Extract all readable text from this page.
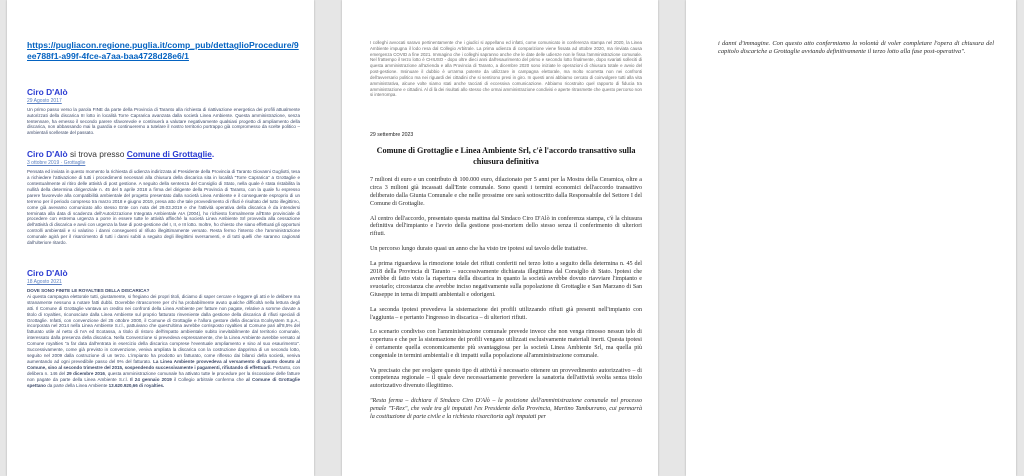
https://pugliacon.regione.puglia.it/comp_pub/dettaglioProcedure/9ee788f1-a99f-4fce-a7aa-baa4728d28e6/1
Ciro D'Alò
29 Agosto 2017

Un primo passo verso la parola FINE da parte della Provincia di Taranto alla richiesta di riattivazione energetica dei profili attualmente autorizzati della discarica III lotto in località Torre Caprarica avanzata dalla società Linea Ambiente. Questa amministrazione, senza tentennare, ha emesso il secondo parere sfavorevole e continuerà a valutare negativamente qualsiasi progetto di ampliamento della discarica, non abbassando mai la guardia e continueremo a tutelare il nostro territorio portrappo già compromesso da scelte politico – ambientali scellerate del passato.

Ciro D'Alò si trova presso Comune di Grottaglie.
3 ottobre 2019 · Grottaglie

Pensata ed inviata in questo momento la richiesta di udienza indirizzata al Presidente della Provincia di Taranto Giovanni Gugliotti, tesa a richiedere l'attivazione di tutti i procedimenti necessari alla chiusura della discarica sita in località "Torre Caprarica" a Grottaglie e contestualmente al ritiro delle attività di post gestione. A seguito della sentenza del Consiglio di Stato, nella quale è stata ristabilita la nullità della determina dirigenziale n. 45 del 5 aprile 2018 a firma del dirigente della Provincia di Taranto, con la quale fu espresso parere favorevole alla compatibilità ambientale del progetto presentato dalla società Linea Ambiente e il conseguente esproprio di un terreno per il periodo compreso tra marzo 2018 e giugno 2019, presa atto che tale provvedimento di rifiuti è risultato del tutto illegittimo, come già avevamo comunicato allo stesso Ente con nota del 29.03.2019 e che l'attività operativa della discarica è da intendersi terminata alla data di scadenza dell'Autorizzazione Integrata Ambientale AIA (2004), ho richiesto formalmente all'Ente provinciale di procedere con estrema urgenza a porre in essere tutte le attività affinché la società Linea Ambiente Srl provveda alla cessazione dell'attività di discarica e avvii con urgenza la fase di post-gestione del I, II, e III lotto. Inoltre, ho chiesto che siano effettuati gli opportuni controlli ambientali e si valutino i danni conseguenti al rifiuto illegittimamente versato. Resta fermo l'intento che l'amministrazione comunale agirà per il risarcimento di tutti i danni subiti a seguito degli illegittimi sversamenti, e di tutti quelli che saranno cagionati dall'ulteriore ritardo.

Ciro D'Alò
18 Agosto 2021

DOVE SONO FINITE LE ROYALTIES DELLA DISCARICA?

Ai questa campagna elettorale tutti, giustamente, si fregiano dei propri titoli, diciamo di saper cercare e leggere gli atti e le delibere ma stranamente nessuno a notare fatti dubbi. Dovrebbe ritrascorrere per chi ha probabilmente avuto qualche difficoltà nella lettura degli atti. Il Comune di Grottaglie vantava un credito nei confronti della Linea Ambiente per fatture non pagate, relative a somme dovute a titolo di royalties, riconosciute dalla Linea Ambiente sul proprio fatturato rinveniente dalla gestione della discarica di rifiuti speciali di Grottaglie. Infatti, con convenzione del 25 ottobre 2000, il Comune di Grottaglie e l'allora gestore della discarica Ecolsystem S.p.A., incorporata nel 2014 nella Linea Ambiente S.r.l., pattuivano che quest'ultima avrebbe corrisposto royalties al Comune pari all'8,5% del fatturato utile al netto di IVA ed Ecotassa, a titolo di ristoro dell'impatto ambientale subito inevitabilmente dal territorio comunale, interessato dalla presenza della discarica. Nella Convenzione si prevedeva espressamente, che la Linea Ambiente avrebbe versato al Comune royalties "a far data dall'entrata in esercizio della discarica comprese l'eventuale ampliamento e sino al suo esaurimento". Successivamente, come già previsto in convenzione, veniva ampliata la discarica con la costruzione dapprima di un secondo lotto, seguito nel 2009 dalla costruzione di un terzo. L'impianto ha prodotto un fatturato, come riflesso dai bilanci della società, veniva aumentando ad ogni prevedibile passo del 9% del fatturato. La Linea Ambiente provvedeva al versamento di quanto dovuto al Comune, sino al secondo trimestre del 2015, sospendendo successivamente i pagamenti, rifiutando di effettuarli. Pertanto, con delibera n. 146 del 29 dicembre 2016, questa amministrazione comunale ha attivato tutte le procedure per la riscossione delle fatture non pagate da parte della Linea Ambiente S.r.l. Il 24 gennaio 2019 il Collegio arbitrale conferma che al Comune di Grottaglie spettano da parte della Linea Ambiente 13.620.920,66 di royalties.

I colleghi avvocati saravo pertinentamente che i giudici si appellano ed infatti, come comunicato in conferenza stampa nel 2020, la Linea Ambiente impugna il lodo resa dal Collegio Arbitrale. La prima udienza di comparizione viene fissata ad ottobre 2020, ma rinviata causa emergenza COVID a fine 2021. Immagino che i colleghi sapranno anche che le date delle udienze non le fissa l'amministrazione comunale. Nel frattempo il terzo lotto è CHIUSO - dopo oltre dieci anni dall'esaurimento del primo e secondo lotto finalmente, dopo svariati solleciti di questa amministrazione all'azienda e alla Provincia di Taranto, a dicembre 2020 sono iniziate le operazioni di chiusura totale e avvio del post-gestione. Insinuare il dubbio è un'arma potente da utilizzare in campagna elettorale, ma molto scorretta non nei confronti dell'avversario politico ma nei riguardi dei cittadini che si sentirono presi in giro. In questi anni abbiamo cercato di coinvolgere tutti alla vita amministrativa, alcune volte siamo stati anche tacciati di eccessiva comunicazione. Abbiamo ricostruito quel rapporto di fiducia tra amministrazione e cittadini. Al di là dei risultati allo stesso che ormai amministrazione condivisi e aperte ritrasmette che questo percorso non si interrompa.

29 settembre 2023
Comune di Grottaglie e Linea Ambiente Srl, c'è l'accordo transattivo sulla chiusura definitiva

7 milioni di euro e un contributo di 100.000 euro, dilazionato per 5 anni per la Mostra della Ceramica, oltre a circa 3 milioni già incassati dall'Ente comunale. Sono questi i termini economici dell'accordo transattivo deliberato dalla Giunta Comunale e che nelle prossime ore sarà sottoscritto dalla Responsabile del Settore I del Comune di Grottaglie.

Al centro dell'accordo, presentato questa mattina dal Sindaco Ciro D'Alò in conferenza stampa, c'è la chiusura definitiva dell'impianto e l'avvio della gestione post-mortem dello stesso senza il conferimento di ulteriori rifiuti.

Un percorso lungo durato quasi un anno che ha visto tre ipotesi sul tavolo delle trattative.

La prima riguardava la rimozione totale dei rifiuti conferiti nel terzo lotto a seguito della determina n. 45 del 2018 della Provincia di Taranto – successivamente dichiarata illegittima dal Consiglio di Stato. Ipotesi che avrebbe di fatto visto la riapertura della discarica in quanto la società avrebbe dovuto riavviare l'impianto e svuotarlo; circostanza che avrebbe inciso negativamente sulla popolazione di Grottaglie e San Marzano di San Giuseppe in tema di impatti ambientali e odorigeni.

La seconda ipotesi prevedeva la sistemazione dei profili utilizzando rifiuti già presenti nell'impianto con l'aggiunta – e pertanto l'ingresso in discarica – di ulteriori rifiuti.

Lo scenario condiviso con l'amministrazione comunale prevede invece che non venga rimosso nessun telo di copertura e che per la sistemazione dei profili vengano utilizzati esclusivamente materiali inerti. Questa ipotesi è certamente quella economicamente più svantaggiosa per la società Linea Ambiente Srl, ma quella più congeniale in termini ambientali e di impatti sulla popolazione all'amministrazione comunale.

Va precisato che per svolgere questo tipo di attività è necessario ottenere un provvedimento autorizzativo – di competenza regionale – il quale deve necessariamente prevedere la sanatoria dell'attività svolta senza titolo autorizzativo divenuto illegittimo.

"Resta ferma – dichiara il Sindaco Ciro D'Alò – la posizione dell'amministrazione comunale nel processo penale "T-Rex", che vede tra gli imputati l'ex Presidente della Provincia, Martino Tamburrano, cui permarrà la costituzione di parte civile e la richiesta risarcitoria agli imputati per

i danni d'immagine. Con questo atto confermiamo la volontà di voler completare l'opera di chiusura del capitolo discariche a Grottaglie avviando definitivamente il terzo lotto alla fase post-operativa".
